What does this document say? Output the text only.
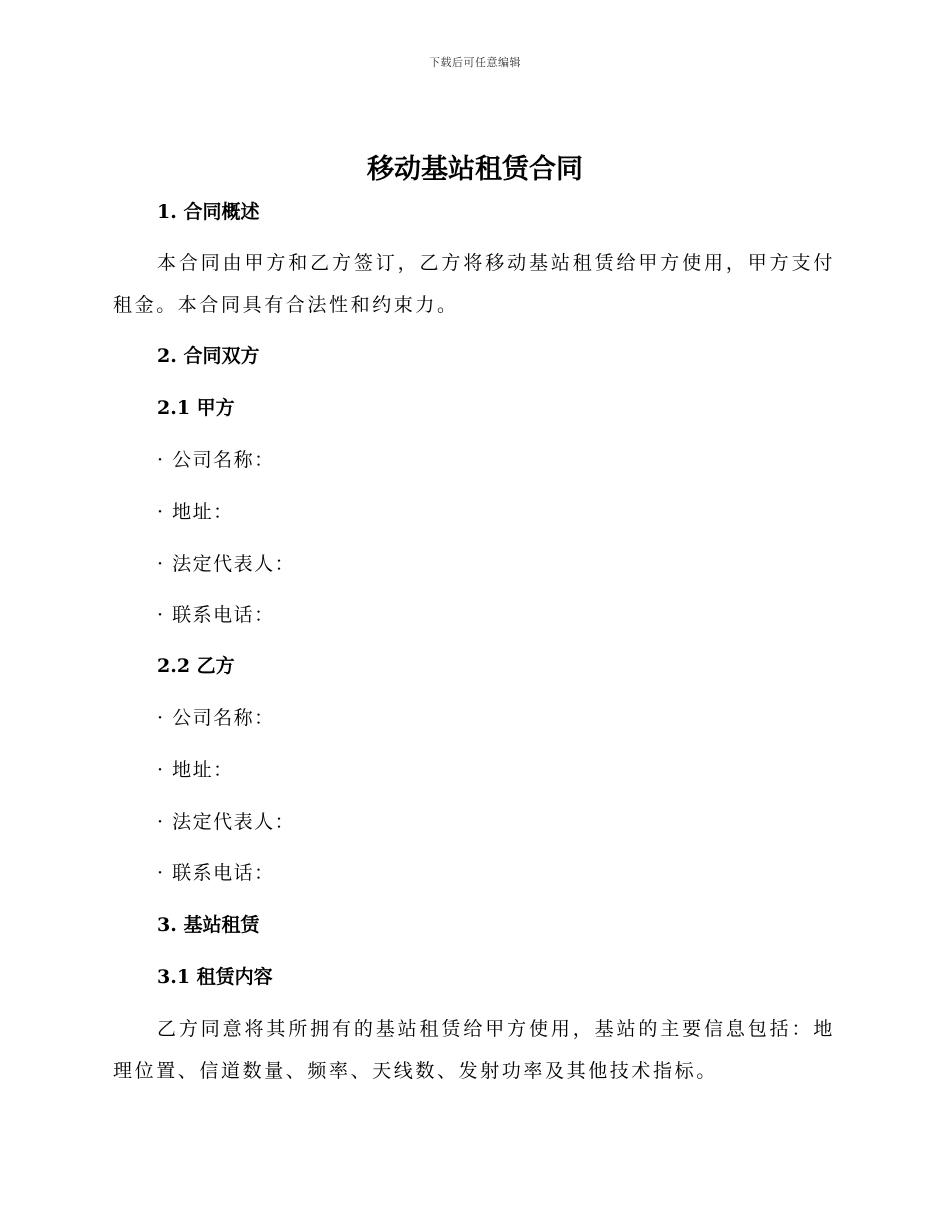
下载后可任意编辑
移动基站租赁合同
1. 合同概述
本合同由甲方和乙方签订，乙方将移动基站租赁给甲方使用，甲方支付租金。本合同具有合法性和约束力。
2. 合同双方
2.1 甲方
· 公司名称：
· 地址：
· 法定代表人：
· 联系电话：
2.2 乙方
· 公司名称：
· 地址：
· 法定代表人：
· 联系电话：
3. 基站租赁
3.1 租赁内容
乙方同意将其所拥有的基站租赁给甲方使用，基站的主要信息包括：地理位置、信道数量、频率、天线数、发射功率及其他技术指标。
